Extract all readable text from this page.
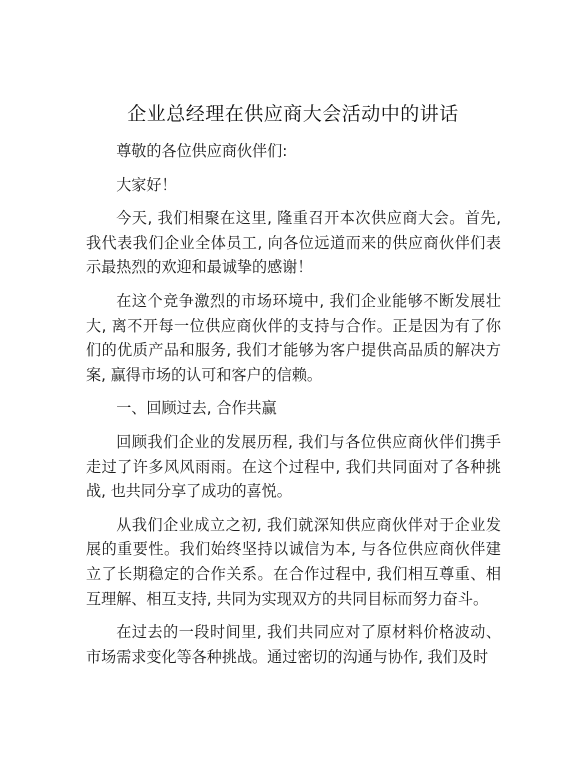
企业总经理在供应商大会活动中的讲话

尊敬的各位供应商伙伴们:

大家好！

今天, 我们相聚在这里, 隆重召开本次供应商大会。首先, 我代表我们企业全体员工, 向各位远道而来的供应商伙伴们表示最热烈的欢迎和最诚挚的感谢！

在这个竞争激烈的市场环境中, 我们企业能够不断发展壮大, 离不开每一位供应商伙伴的支持与合作。正是因为有了你们的优质产品和服务, 我们才能够为客户提供高品质的解决方案, 赢得市场的认可和客户的信赖。

一、回顾过去, 合作共赢

回顾我们企业的发展历程, 我们与各位供应商伙伴们携手走过了许多风风雨雨。在这个过程中, 我们共同面对了各种挑战, 也共同分享了成功的喜悦。

从我们企业成立之初, 我们就深知供应商伙伴对于企业发展的重要性。我们始终坚持以诚信为本, 与各位供应商伙伴建立了长期稳定的合作关系。在合作过程中, 我们相互尊重、相互理解、相互支持, 共同为实现双方的共同目标而努力奋斗。

在过去的一段时间里, 我们共同应对了原材料价格波动、市场需求变化等各种挑战。通过密切的沟通与协作, 我们及时
